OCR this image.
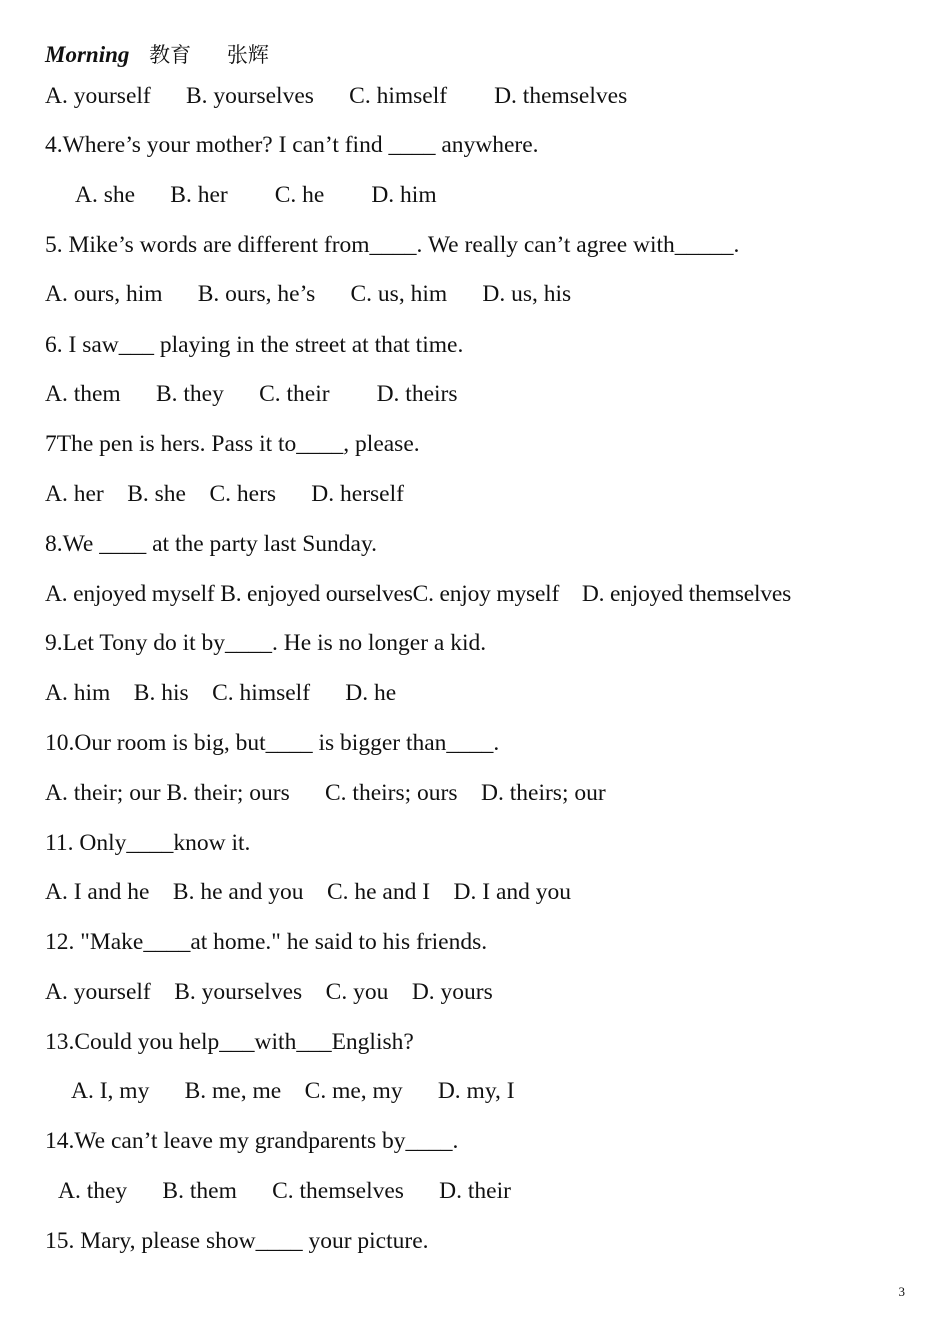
Morning 教育 张辉
A. yourself      B. yourselves      C. himself        D. themselves
4.Where’s your mother? I can’t find ____ anywhere.
A. she      B. her        C. he        D. him
5. Mike’s words are different from____. We really can’t agree with_____.
A. ours, him      B. ours, he’s      C. us, him      D. us, his
6. I saw___ playing in the street at that time.
A. them      B. they      C. their        D. theirs
7The pen is hers. Pass it to____, please.
A. her    B. she    C. hers      D. herself
8.We ____ at the party last Sunday.
A. enjoyed myself B. enjoyed ourselvesC. enjoy myself    D. enjoyed themselves
9.Let Tony do it by____. He is no longer a kid.
A. him    B. his    C. himself      D. he
10.Our room is big, but____ is bigger than____.
A. their; our B. their; ours      C. theirs; ours    D. theirs; our
11. Only____know it.
A. I and he    B. he and you    C. he and I    D. I and you
12. "Make____at home." he said to his friends.
A. yourself    B. yourselves    C. you    D. yours
13.Could you help___with___English?
A. I, my      B. me, me    C. me, my      D. my, I
14.We can’t leave my grandparents by____.
A. they      B. them      C. themselves      D. their
15. Mary, please show____ your picture.
3
